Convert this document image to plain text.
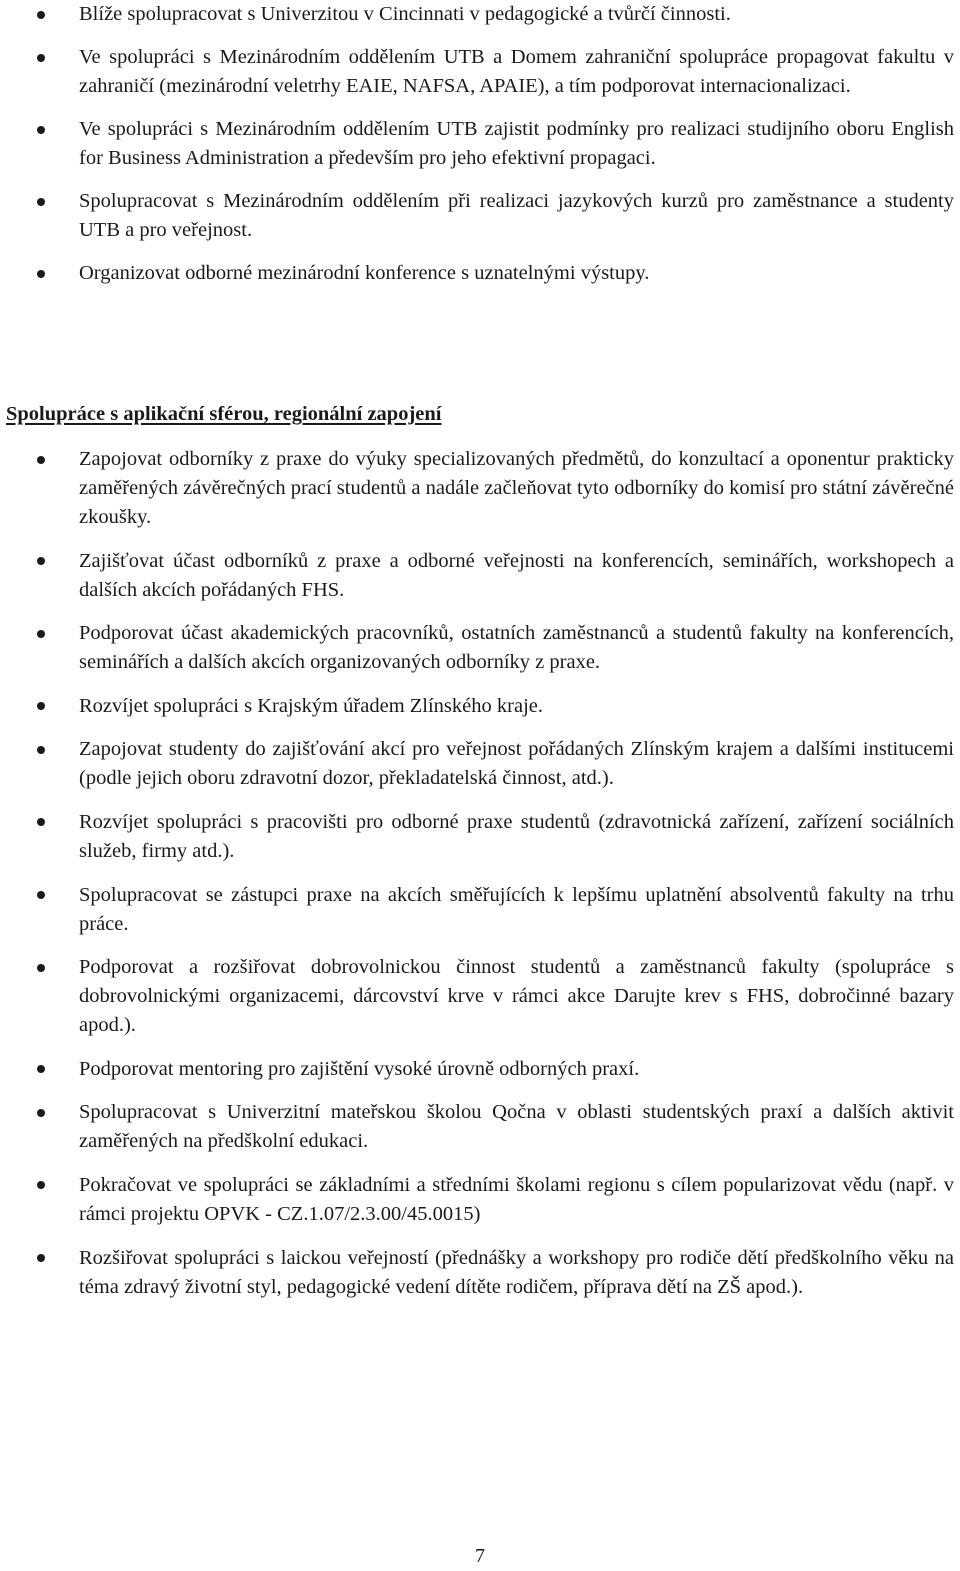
Blíže spolupracovat s Univerzitou v Cincinnati v pedagogické a tvůrčí činnosti.
Ve spolupráci s Mezinárodním oddělením UTB a Domem zahraniční spolupráce propagovat fakultu v zahraničí (mezinárodní veletrhy EAIE, NAFSA, APAIE), a tím podporovat internacionalizaci.
Ve spolupráci s Mezinárodním oddělením UTB zajistit podmínky pro realizaci studijního oboru English for Business Administration a především pro jeho efektivní propagaci.
Spolupracovat s Mezinárodním oddělením při realizaci jazykových kurzů pro zaměstnance a studenty UTB a pro veřejnost.
Organizovat odborné mezinárodní konference s uznatelnými výstupy.
Spolupráce s aplikační sférou, regionální zapojení
Zapojovat odborníky z praxe do výuky specializovaných předmětů, do konzultací a oponentur prakticky zaměřených závěrečných prací studentů a nadále začleňovat tyto odborníky do komisí pro státní závěrečné zkoušky.
Zajišťovat účast odborníků z praxe a odborné veřejnosti na konferencích, seminářích, workshopech a dalších akcích pořádaných FHS.
Podporovat účast akademických pracovníků, ostatních zaměstnanců a studentů fakulty na konferencích, seminářích a dalších akcích organizovaných odborníky z praxe.
Rozvíjet spolupráci s Krajským úřadem Zlínského kraje.
Zapojovat studenty do zajišťování akcí pro veřejnost pořádaných Zlínským krajem a dalšími institucemi (podle jejich oboru zdravotní dozor, překladatelská činnost, atd.).
Rozvíjet spolupráci s pracovišti pro odborné praxe studentů (zdravotnická zařízení, zařízení sociálních služeb, firmy atd.).
Spolupracovat se zástupci praxe na akcích směřujících k lepšímu uplatnění absolventů fakulty na trhu práce.
Podporovat a rozšiřovat dobrovolnickou činnost studentů a zaměstnanců fakulty (spolupráce s dobrovolnickými organizacemi, dárcovství krve v rámci akce Darujte krev s FHS, dobročinné bazary apod.).
Podporovat mentoring pro zajištění vysoké úrovně odborných praxí.
Spolupracovat s Univerzitní mateřskou školou Qočna v oblasti studentských praxí a dalších aktivit zaměřených na předškolní edukaci.
Pokračovat ve spolupráci se základními a středními školami regionu s cílem popularizovat vědu (např. v rámci projektu OPVK - CZ.1.07/2.3.00/45.0015)
Rozšiřovat spolupráci s laickou veřejností (přednášky a workshopy pro rodiče dětí předškolního věku na téma zdravý životní styl, pedagogické vedení dítěte rodičem, příprava dětí na ZŠ apod.).
7
